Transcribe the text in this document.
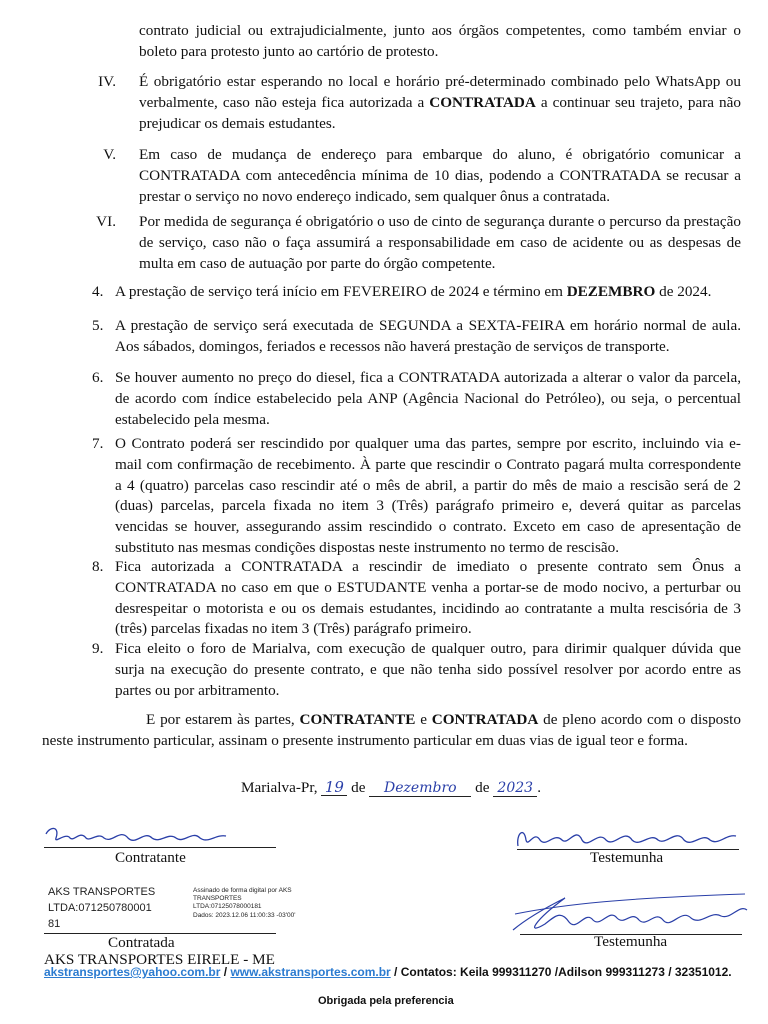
contrato judicial ou extrajudicialmente, junto aos órgãos competentes, como também enviar o boleto para protesto junto ao cartório de protesto.
IV. É obrigatório estar esperando no local e horário pré-determinado combinado pelo WhatsApp ou verbalmente, caso não esteja fica autorizada a CONTRATADA a continuar seu trajeto, para não prejudicar os demais estudantes.
V. Em caso de mudança de endereço para embarque do aluno, é obrigatório comunicar a CONTRATADA com antecedência mínima de 10 dias, podendo a CONTRATADA se recusar a prestar o serviço no novo endereço indicado, sem qualquer ônus a contratada.
VI. Por medida de segurança é obrigatório o uso de cinto de segurança durante o percurso da prestação de serviço, caso não o faça assumirá a responsabilidade em caso de acidente ou as despesas de multa em caso de autuação por parte do órgão competente.
4. A prestação de serviço terá início em FEVEREIRO de 2024 e término em DEZEMBRO de 2024.
5. A prestação de serviço será executada de SEGUNDA a SEXTA-FEIRA em horário normal de aula. Aos sábados, domingos, feriados e recessos não haverá prestação de serviços de transporte.
6. Se houver aumento no preço do diesel, fica a CONTRATADA autorizada a alterar o valor da parcela, de acordo com índice estabelecido pela ANP (Agência Nacional do Petróleo), ou seja, o percentual estabelecido pela mesma.
7. O Contrato poderá ser rescindido por qualquer uma das partes, sempre por escrito, incluindo via e-mail com confirmação de recebimento. À parte que rescindir o Contrato pagará multa correspondente a 4 (quatro) parcelas caso rescindir até o mês de abril, a partir do mês de maio a rescisão será de 2 (duas) parcelas, parcela fixada no item 3 (Três) parágrafo primeiro e, deverá quitar as parcelas vencidas se houver, assegurando assim rescindido o contrato. Exceto em caso de apresentação de substituto nas mesmas condições dispostas neste instrumento no termo de rescisão.
8. Fica autorizada a CONTRATADA a rescindir de imediato o presente contrato sem Ônus a CONTRATADA no caso em que o ESTUDANTE venha a portar-se de modo nocivo, a perturbar ou desrespeitar o motorista e ou os demais estudantes, incidindo ao contratante a multa rescisória de 3 (três) parcelas fixadas no item 3 (Três) parágrafo primeiro.
9. Fica eleito o foro de Marialva, com execução de qualquer outro, para dirimir qualquer dúvida que surja na execução do presente contrato, e que não tenha sido possível resolver por acordo entre as partes ou por arbitramento.
E por estarem às partes, CONTRATANTE e CONTRATADA de pleno acordo com o disposto neste instrumento particular, assinam o presente instrumento particular em duas vias de igual teor e forma.
Marialva-Pr, 19 de Dezembro de 2023 .
Contratante	Testemunha
AKS TRANSPORTES
LTDA:071250780001
81
Assinado de forma digital por AKS
TRANSPORTES
LTDA:07125078000181
Dados: 2023.12.06 11:00:33 -03'00'
Contratada
AKS TRANSPORTES EIRELE - ME
Testemunha
akstransportes@yahoo.com.br / www.akstransportes.com.br / Contatos: Keila 999311270 /Adilson 999311273 / 32351012.
Obrigada pela preferencia
